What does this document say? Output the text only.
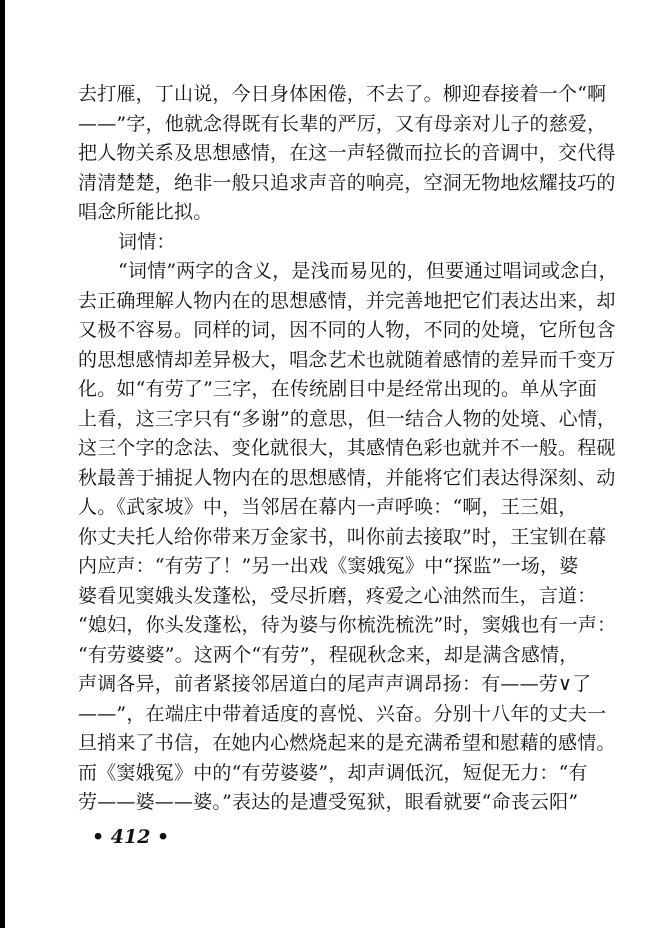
去打雁，丁山说，今日身体困倦，不去了。柳迎春接着一个“啊
——”字，他就念得既有长辈的严厉，又有母亲对儿子的慈爱，
把人物关系及思想感情，在这一声轻微而拉长的音调中，交代得
清清楚楚，绝非一般只追求声音的响亮，空洞无物地炫耀技巧的
唱念所能比拟。
词情：
“词情”两字的含义，是浅而易见的，但要通过唱词或念白，
去正确理解人物内在的思想感情，并完善地把它们表达出来，却
又极不容易。同样的词，因不同的人物，不同的处境，它所包含
的思想感情却差异极大，唱念艺术也就随着感情的差异而千变万
化。如“有劳了”三字，在传统剧目中是经常出现的。单从字面
上看，这三字只有“多谢”的意思，但一结合人物的处境、心情，
这三个字的念法、变化就很大，其感情色彩也就并不一般。程砚
秋最善于捕捉人物内在的思想感情，并能将它们表达得深刻、动
人。《武家坡》中，当邻居在幕内一声呼唤：“啊，王三姐，
你丈夫托人给你带来万金家书，叫你前去接取”时，王宝钏在幕
内应声：“有劳了！”另一出戏《窦娥冤》中“探监”一场，婆
婆看见窦娥头发蓬松，受尽折磨，疼爱之心油然而生，言道：
“媳妇，你头发蓬松，待为婆与你梳洗梳洗”时，窦娥也有一声：
“有劳婆婆”。这两个“有劳”，程砚秋念来，却是满含感情，
声调各异，前者紧接邻居道白的尾声声调昂扬：有——劳∨了
——”，在端庄中带着适度的喜悦、兴奋。分别十八年的丈夫一
旦捎来了书信，在她内心燃烧起来的是充满希望和慰藉的感情。
而《窦娥冤》中的“有劳婆婆”，却声调低沉，短促无力：“有
劳——婆——婆。”表达的是遭受冤狱，眼看就要“命丧云阳”
• 412 •
